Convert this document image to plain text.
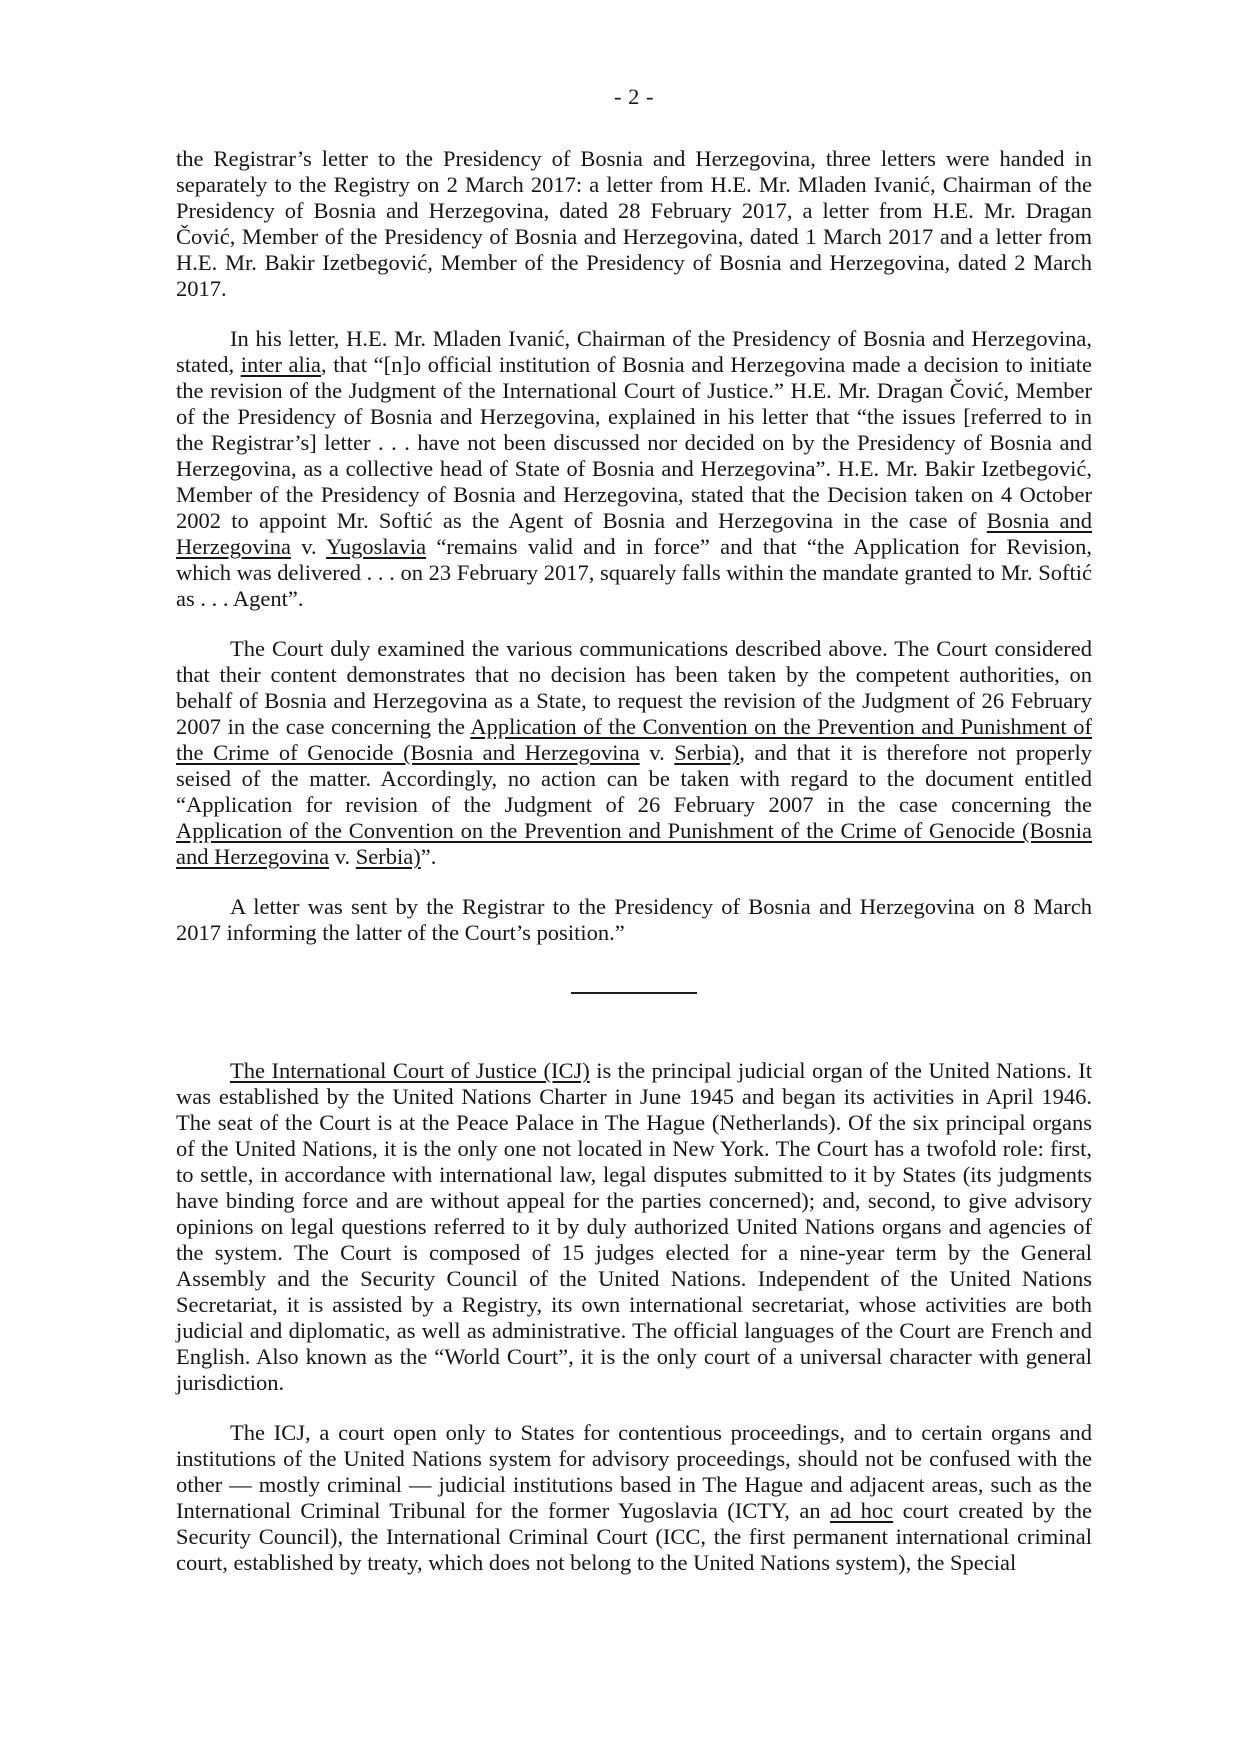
- 2 -

the Registrar’s letter to the Presidency of Bosnia and Herzegovina, three letters were handed in separately to the Registry on 2 March 2017: a letter from H.E. Mr. Mladen Ivanić, Chairman of the Presidency of Bosnia and Herzegovina, dated 28 February 2017, a letter from H.E. Mr. Dragan Čović, Member of the Presidency of Bosnia and Herzegovina, dated 1 March 2017 and a letter from H.E. Mr. Bakir Izetbegović, Member of the Presidency of Bosnia and Herzegovina, dated 2 March 2017.

In his letter, H.E. Mr. Mladen Ivanić, Chairman of the Presidency of Bosnia and Herzegovina, stated, inter alia, that “[n]o official institution of Bosnia and Herzegovina made a decision to initiate the revision of the Judgment of the International Court of Justice.” H.E. Mr. Dragan Čović, Member of the Presidency of Bosnia and Herzegovina, explained in his letter that “the issues [referred to in the Registrar’s] letter . . . have not been discussed nor decided on by the Presidency of Bosnia and Herzegovina, as a collective head of State of Bosnia and Herzegovina”. H.E. Mr. Bakir Izetbegović, Member of the Presidency of Bosnia and Herzegovina, stated that the Decision taken on 4 October 2002 to appoint Mr. Softić as the Agent of Bosnia and Herzegovina in the case of Bosnia and Herzegovina v. Yugoslavia “remains valid and in force” and that “the Application for Revision, which was delivered . . . on 23 February 2017, squarely falls within the mandate granted to Mr. Softić as . . . Agent”.

The Court duly examined the various communications described above. The Court considered that their content demonstrates that no decision has been taken by the competent authorities, on behalf of Bosnia and Herzegovina as a State, to request the revision of the Judgment of 26 February 2007 in the case concerning the Application of the Convention on the Prevention and Punishment of the Crime of Genocide (Bosnia and Herzegovina v. Serbia), and that it is therefore not properly seised of the matter. Accordingly, no action can be taken with regard to the document entitled “Application for revision of the Judgment of 26 February 2007 in the case concerning the Application of the Convention on the Prevention and Punishment of the Crime of Genocide (Bosnia and Herzegovina v. Serbia)”.

A letter was sent by the Registrar to the Presidency of Bosnia and Herzegovina on 8 March 2017 informing the latter of the Court’s position.”

The International Court of Justice (ICJ) is the principal judicial organ of the United Nations. It was established by the United Nations Charter in June 1945 and began its activities in April 1946. The seat of the Court is at the Peace Palace in The Hague (Netherlands). Of the six principal organs of the United Nations, it is the only one not located in New York. The Court has a twofold role: first, to settle, in accordance with international law, legal disputes submitted to it by States (its judgments have binding force and are without appeal for the parties concerned); and, second, to give advisory opinions on legal questions referred to it by duly authorized United Nations organs and agencies of the system. The Court is composed of 15 judges elected for a nine-year term by the General Assembly and the Security Council of the United Nations. Independent of the United Nations Secretariat, it is assisted by a Registry, its own international secretariat, whose activities are both judicial and diplomatic, as well as administrative. The official languages of the Court are French and English. Also known as the “World Court”, it is the only court of a universal character with general jurisdiction.

The ICJ, a court open only to States for contentious proceedings, and to certain organs and institutions of the United Nations system for advisory proceedings, should not be confused with the other — mostly criminal — judicial institutions based in The Hague and adjacent areas, such as the International Criminal Tribunal for the former Yugoslavia (ICTY, an ad hoc court created by the Security Council), the International Criminal Court (ICC, the first permanent international criminal court, established by treaty, which does not belong to the United Nations system), the Special
